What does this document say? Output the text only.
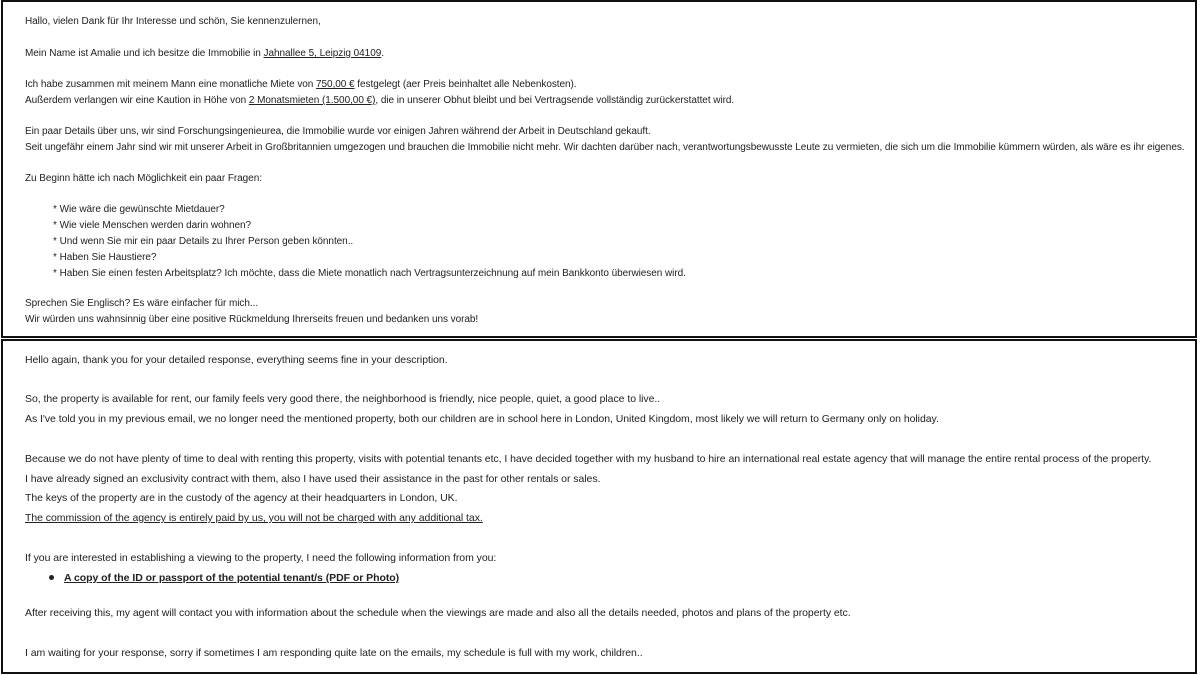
Hallo, vielen Dank für Ihr Interesse und schön, Sie kennenzulernen,
Mein Name ist Amalie und ich besitze die Immobilie in Jahnallee 5, Leipzig 04109.
Ich habe zusammen mit meinem Mann eine monatliche Miete von 750,00 € festgelegt (aer Preis beinhaltet alle Nebenkosten).
Außerdem verlangen wir eine Kaution in Höhe von 2 Monatsmieten (1.500,00 €), die in unserer Obhut bleibt und bei Vertragsende vollständig zurückerstattet wird.
Ein paar Details über uns, wir sind Forschungsingenieurea, die Immobilie wurde vor einigen Jahren während der Arbeit in Deutschland gekauft.
Seit ungefähr einem Jahr sind wir mit unserer Arbeit in Großbritannien umgezogen und brauchen die Immobilie nicht mehr. Wir dachten darüber nach, verantwortungsbewusste Leute zu vermieten, die sich um die Immobilie kümmern würden, als wäre es ihr eigenes.
Zu Beginn hätte ich nach Möglichkeit ein paar Fragen:
* Wie wäre die gewünschte Mietdauer?
* Wie viele Menschen werden darin wohnen?
* Und wenn Sie mir ein paar Details zu Ihrer Person geben könnten..
* Haben Sie Haustiere?
* Haben Sie einen festen Arbeitsplatz? Ich möchte, dass die Miete monatlich nach Vertragsunterzeichnung auf mein Bankkonto überwiesen wird.
Sprechen Sie Englisch? Es wäre einfacher für mich...
Wir würden uns wahnsinnig über eine positive Rückmeldung Ihrerseits freuen und bedanken uns vorab!
Hello again, thank you for your detailed response, everything seems fine in your description.
So, the property is available for rent, our family feels very good there, the neighborhood is friendly, nice people, quiet, a good place to live..
As I've told you in my previous email, we no longer need the mentioned property, both our children are in school here in London, United Kingdom, most likely we will return to Germany only on holiday.
Because we do not have plenty of time to deal with renting this property, visits with potential tenants etc, I have decided together with my husband to hire an international real estate agency that will manage the entire rental process of the property.
I have already signed an exclusivity contract with them, also I have used their assistance in the past for other rentals or sales.
The keys of the property are in the custody of the agency at their headquarters in London, UK.
The commission of the agency is entirely paid by us, you will not be charged with any additional tax.
If you are interested in establishing a viewing to the property, I need the following information from you:
A copy of the ID or passport of the potential tenant/s (PDF or Photo)
After receiving this, my agent will contact you with information about the schedule when the viewings are made and also all the details needed, photos and plans of the property etc.
I am waiting for your response, sorry if sometimes I am responding quite late on the emails, my schedule is full with my work, children..
